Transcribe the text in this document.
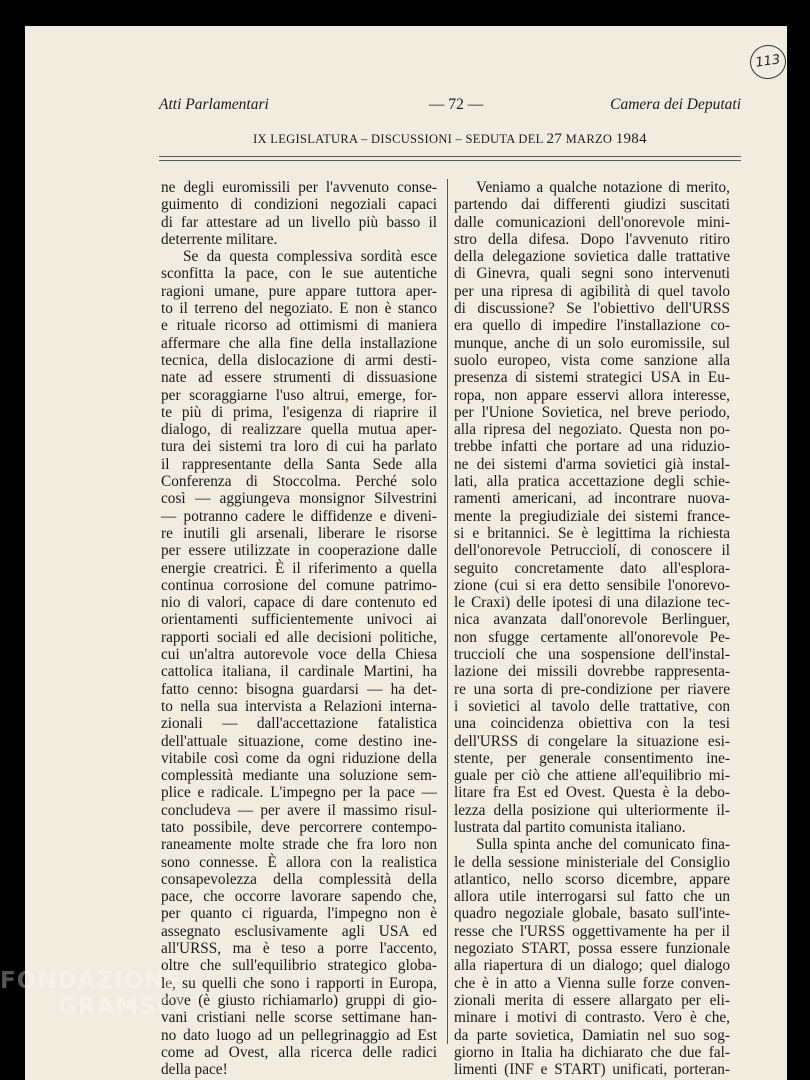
113
Atti Parlamentari	— 72 —	Camera dei Deputati
IX LEGISLATURA – DISCUSSIONI – SEDUTA DEL 27 MARZO 1984
ne degli euromissili per l'avvenuto conse-
guimento di condizioni negoziali capaci
di far attestare ad un livello più basso il
deterrente militare.
Se da questa complessiva sordità esce
sconfitta la pace, con le sue autentiche
ragioni umane, pure appare tuttora aper-
to il terreno del negoziato. E non è stanco
e rituale ricorso ad ottimismi di maniera
affermare che alla fine della installazione
tecnica, della dislocazione di armi desti-
nate ad essere strumenti di dissuasione
per scoraggiarne l'uso altrui, emerge, for-
te più di prima, l'esigenza di riaprire il
dialogo, di realizzare quella mutua aper-
tura dei sistemi tra loro di cui ha parlato
il rappresentante della Santa Sede alla
Conferenza di Stoccolma. Perché solo
così — aggiungeva monsignor Silvestrini
— potranno cadere le diffidenze e diveni-
re inutili gli arsenali, liberare le risorse
per essere utilizzate in cooperazione dalle
energie creatrici. È il riferimento a quella
continua corrosione del comune patrimo-
nio di valori, capace di dare contenuto ed
orientamenti sufficientemente univoci ai
rapporti sociali ed alle decisioni politiche,
cui un'altra autorevole voce della Chiesa
cattolica italiana, il cardinale Martini, ha
fatto cenno: bisogna guardarsi — ha det-
to nella sua intervista a Relazioni interna-
zionali — dall'accettazione fatalistica
dell'attuale situazione, come destino ine-
vitabile così come da ogni riduzione della
complessità mediante una soluzione sem-
plice e radicale. L'impegno per la pace —
concludeva — per avere il massimo risul-
tato possibile, deve percorrere contempo-
raneamente molte strade che fra loro non
sono connesse. È allora con la realistica
consapevolezza della complessità della
pace, che occorre lavorare sapendo che,
per quanto ci riguarda, l'impegno non è
assegnato esclusivamente agli USA ed
all'URSS, ma è teso a porre l'accento,
oltre che sull'equilibrio strategico globa-
le, su quelli che sono i rapporti in Europa,
dove (è giusto richiamarlo) gruppi di gio-
vani cristiani nelle scorse settimane han-
no dato luogo ad un pellegrinaggio ad Est
come ad Ovest, alla ricerca delle radici
della pace!
Veniamo a qualche notazione di merito,
partendo dai differenti giudizi suscitati
dalle comunicazioni dell'onorevole mini-
stro della difesa. Dopo l'avvenuto ritiro
della delegazione sovietica dalle trattative
di Ginevra, quali segni sono intervenuti
per una ripresa di agibilità di quel tavolo
di discussione? Se l'obiettivo dell'URSS
era quello di impedire l'installazione co-
munque, anche di un solo euromissile, sul
suolo europeo, vista come sanzione alla
presenza di sistemi strategici USA in Eu-
ropa, non appare esservi allora interesse,
per l'Unione Sovietica, nel breve periodo,
alla ripresa del negoziato. Questa non po-
trebbe infatti che portare ad una riduzio-
ne dei sistemi d'arma sovietici già instal-
lati, alla pratica accettazione degli schie-
ramenti americani, ad incontrare nuova-
mente la pregiudiziale dei sistemi france-
si e britannici. Se è legittima la richiesta
dell'onorevole Petrucciolí, di conoscere il
seguito concretamente dato all'esplora-
zione (cui si era detto sensibile l'onorevo-
le Craxi) delle ipotesi di una dilazione tec-
nica avanzata dall'onorevole Berlinguer,
non sfugge certamente all'onorevole Pe-
trucciolí che una sospensione dell'instal-
lazione dei missili dovrebbe rappresenta-
re una sorta di pre-condizione per riavere
i sovietici al tavolo delle trattative, con
una coincidenza obiettiva con la tesi
dell'URSS di congelare la situazione esi-
stente, per generale consentimento ine-
guale per ciò che attiene all'equilibrio mi-
litare fra Est ed Ovest. Questa è la debo-
lezza della posizione qui ulteriormente il-
lustrata dal partito comunista italiano.
Sulla spinta anche del comunicato fina-
le della sessione ministeriale del Consiglio
atlantico, nello scorso dicembre, appare
allora utile interrogarsi sul fatto che un
quadro negoziale globale, basato sull'inte-
resse che l'URSS oggettivamente ha per il
negoziato START, possa essere funzionale
alla riapertura di un dialogo; quel dialogo
che è in atto a Vienna sulle forze conven-
zionali merita di essere allargato per eli-
minare i motivi di contrasto. Vero è che,
da parte sovietica, Damiatin nel suo sog-
giorno in Italia ha dichiarato che due fal-
limenti (INF e START) unificati, porteran-
FONDAZIONE
GRAMSCI
